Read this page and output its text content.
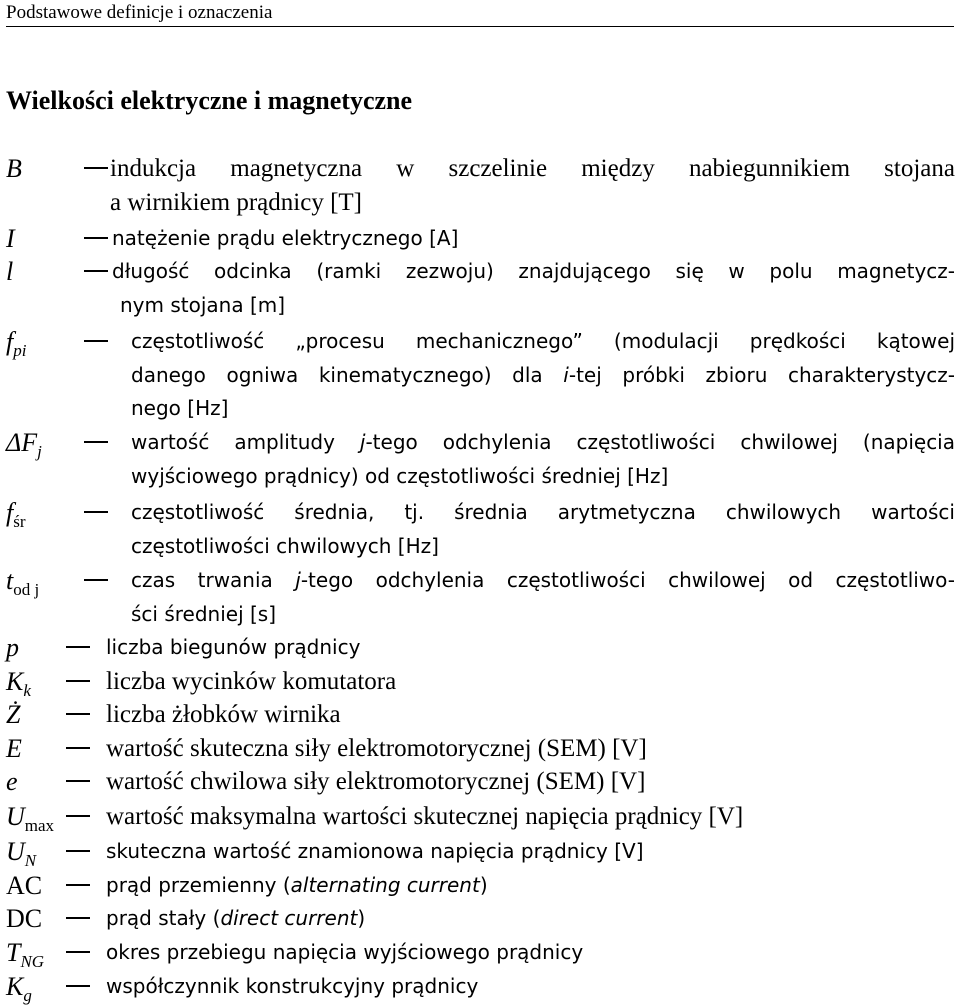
Podstawowe definicje i oznaczenia
Wielkości elektryczne i magnetyczne
B	indukcja magnetyczna w szczelinie między nabiegunnikiem stojana
a wirnikiem prądnicy [T]
I	natężenie prądu elektrycznego [A]
l	długość odcinka (ramki zezwoju) znajdującego się w polu magnetycz-
nym stojana [m]
$f_{pi}$	częstotliwość „procesu mechanicznego” (modulacji prędkości kątowej
danego ogniwa kinematycznego) dla i-tej próbki zbioru charakterystycz-
nego [Hz]
$\Delta F_j$	wartość amplitudy j-tego odchylenia częstotliwości chwilowej (napięcia
wyjściowego prądnicy) od częstotliwości średniej [Hz]
$f_{śr}$	częstotliwość średnia, tj. średnia arytmetyczna chwilowych wartości
częstotliwości chwilowych [Hz]
$t_{od j}$	czas trwania j-tego odchylenia częstotliwości chwilowej od częstotliwo-
ści średniej [s]
p	liczba biegunów prądnicy
$K_k$	liczba wycinków komutatora
Ż	liczba żłobków wirnika
E	wartość skuteczna siły elektromotorycznej (SEM) [V]
e	wartość chwilowa siły elektromotorycznej (SEM) [V]
$U_{max}$ wartość maksymalna wartości skutecznej napięcia prądnicy [V]
$U_N$	skuteczna wartość znamionowa napięcia prądnicy [V]
AC	prąd przemienny (alternating current)
DC	prąd stały (direct current)
$T_{NG}$	okres przebiegu napięcia wyjściowego prądnicy
$K_g$	współczynnik konstrukcyjny prądnicy
